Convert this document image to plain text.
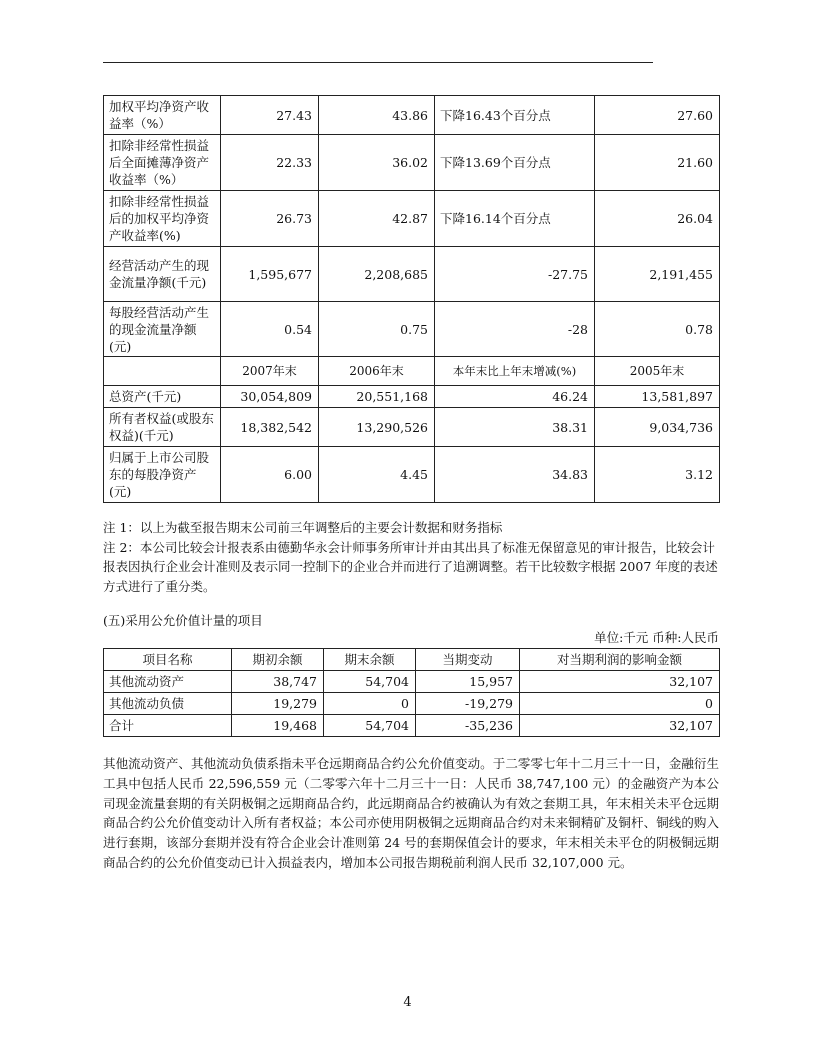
加权平均净资产收益率（%）	27.43	43.86	下降16.43个百分点	27.60
扣除非经常性损益后全面摊薄净资产收益率（%）	22.33	36.02	下降13.69个百分点	21.60
扣除非经常性损益后的加权平均净资产收益率(%)	26.73	42.87	下降16.14个百分点	26.04
经营活动产生的现金流量净额(千元)	1,595,677	2,208,685	-27.75	2,191,455
每股经营活动产生的现金流量净额(元)	0.54	0.75	-28	0.78
	2007年末	2006年末	本年末比上年末增减(%)	2005年末
总资产(千元)	30,054,809	20,551,168	46.24	13,581,897
所有者权益(或股东权益)(千元)	18,382,542	13,290,526	38.31	9,034,736
归属于上市公司股东的每股净资产(元)	6.00	4.45	34.83	3.12

注 1：以上为截至报告期末公司前三年调整后的主要会计数据和财务指标

注 2：本公司比较会计报表系由德勤华永会计师事务所审计并由其出具了标准无保留意见的审计报告，比较会计报表因执行企业会计准则及表示同一控制下的企业合并而进行了追溯调整。若干比较数字根据 2007 年度的表述方式进行了重分类。

(五)采用公允价值计量的项目
单位:千元 币种:人民币
项目名称	期初余额	期末余额	当期变动	对当期利润的影响金额
其他流动资产	38,747	54,704	15,957	32,107
其他流动负债	19,279	0	-19,279	0
合计	19,468	54,704	-35,236	32,107
其他流动资产、其他流动负债系指未平仓远期商品合约公允价值变动。于二零零七年十二月三十一日，金融衍生工具中包括人民币 22,596,559 元（二零零六年十二月三十一日：人民币 38,747,100 元）的金融资产为本公司现金流量套期的有关阴极铜之远期商品合约，此远期商品合约被确认为有效之套期工具，年末相关未平仓远期商品合约公允价值变动计入所有者权益；本公司亦使用阴极铜之远期商品合约对未来铜精矿及铜杆、铜线的购入进行套期，该部分套期并没有符合企业会计准则第 24 号的套期保值会计的要求，年末相关未平仓的阴极铜远期商品合约的公允价值变动已计入损益表内，增加本公司报告期税前利润人民币 32,107,000 元。
4
